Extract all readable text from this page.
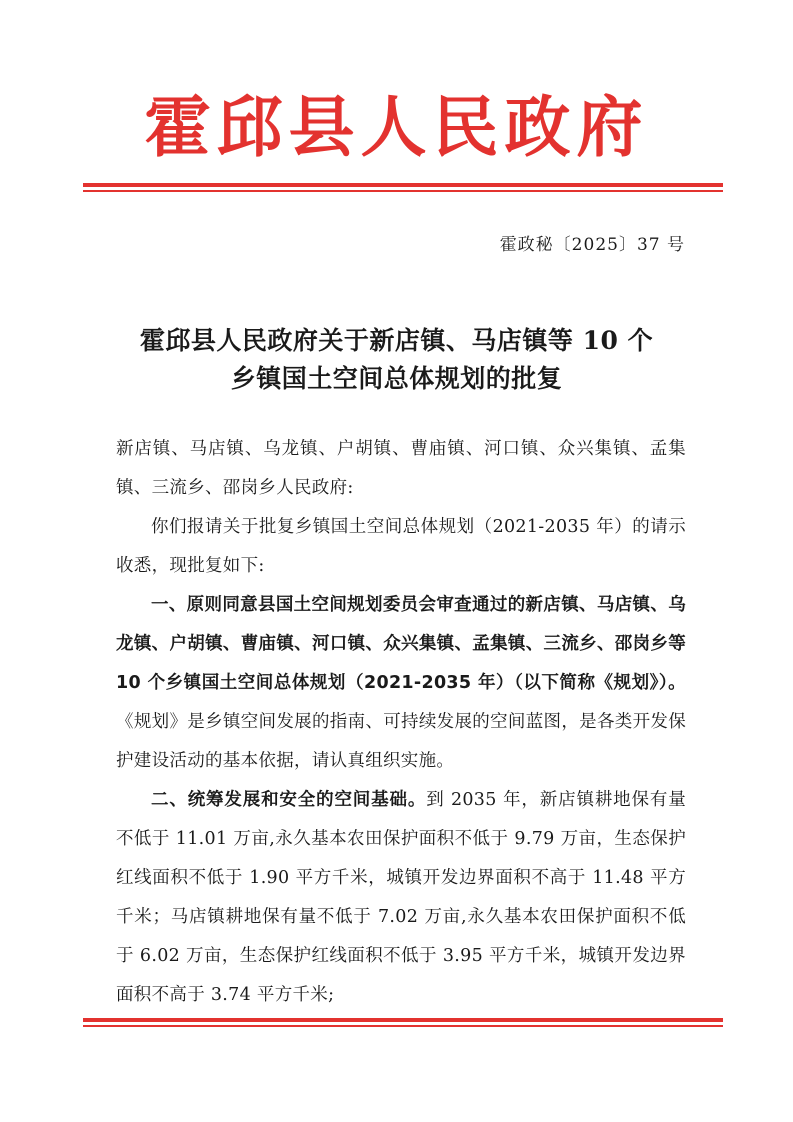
霍邱县人民政府
霍政秘〔2025〕37 号
霍邱县人民政府关于新店镇、马店镇等 10 个
乡镇国土空间总体规划的批复

新店镇、马店镇、乌龙镇、户胡镇、曹庙镇、河口镇、众兴集镇、孟集镇、三流乡、邵岗乡人民政府:

你们报请关于批复乡镇国土空间总体规划（2021-2035 年）的请示收悉，现批复如下:

一、原则同意县国土空间规划委员会审查通过的新店镇、马店镇、乌龙镇、户胡镇、曹庙镇、河口镇、众兴集镇、孟集镇、三流乡、邵岗乡等 10 个乡镇国土空间总体规划（2021-2035 年）（以下简称《规划》）。《规划》是乡镇空间发展的指南、可持续发展的空间蓝图，是各类开发保护建设活动的基本依据，请认真组织实施。

二、统筹发展和安全的空间基础。到 2035 年，新店镇耕地保有量不低于 11.01 万亩,永久基本农田保护面积不低于 9.79 万亩，生态保护红线面积不低于 1.90 平方千米，城镇开发边界面积不高于 11.48 平方千米；马店镇耕地保有量不低于 7.02 万亩,永久基本农田保护面积不低于 6.02 万亩，生态保护红线面积不低于 3.95 平方千米，城镇开发边界面积不高于 3.74 平方千米;
